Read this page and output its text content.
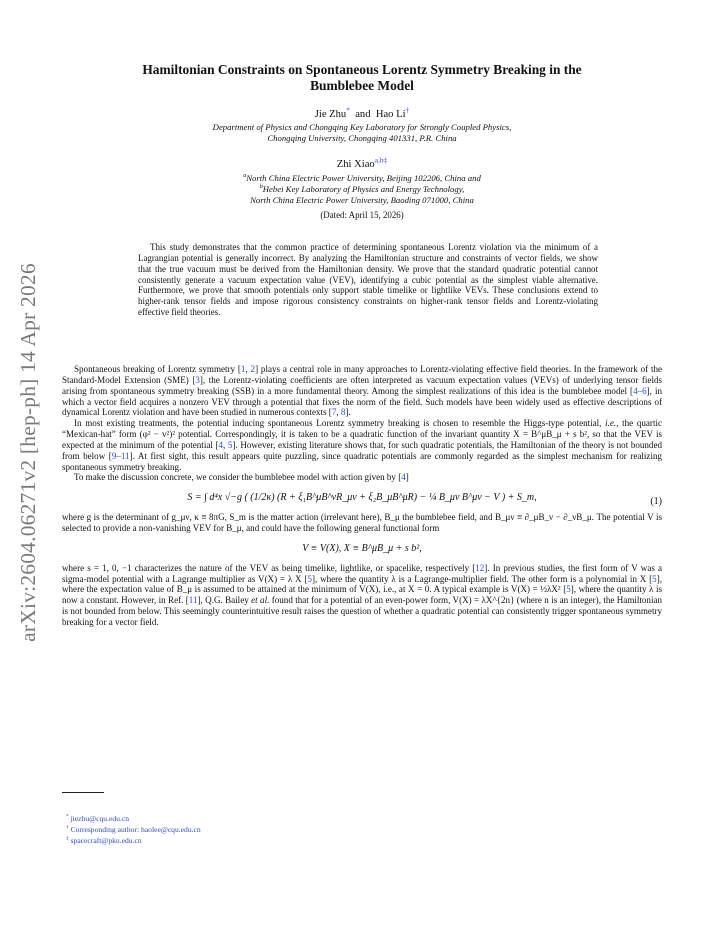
arXiv:2604.06271v2 [hep-ph] 14 Apr 2026
Hamiltonian Constraints on Spontaneous Lorentz Symmetry Breaking in the
Bumblebee Model
Jie Zhu* and Hao Li†
Department of Physics and Chongqing Key Laboratory for Strongly Coupled Physics,
Chongqing University, Chongqing 401331, P.R. China
Zhi Xiao$^{a,b\ddagger}$
$^a$North China Electric Power University, Beijing 102206, China and
$^b$Hebei Key Laboratory of Physics and Energy Technology,
North China Electric Power University, Baoding 071000, China
(Dated: April 15, 2026)

This study demonstrates that the common practice of determining spontaneous Lorentz violation via the minimum of a Lagrangian potential is generally incorrect. By analyzing the Hamiltonian structure and constraints of vector fields, we show that the true vacuum must be derived from the Hamiltonian density. We prove that the standard quadratic potential cannot consistently generate a vacuum expectation value (VEV), identifying a cubic potential as the simplest viable alternative. Furthermore, we prove that smooth potentials only support stable timelike or lightlike VEVs. These conclusions extend to higher-rank tensor fields and impose rigorous consistency constraints on higher-rank tensor fields and Lorentz-violating effective field theories.

Spontaneous breaking of Lorentz symmetry [1, 2] plays a central role in many approaches to Lorentz-violating effective field theories. In the framework of the Standard-Model Extension (SME) [3], the Lorentz-violating coefficients are often interpreted as vacuum expectation values (VEVs) of underlying tensor fields arising from spontaneous symmetry breaking (SSB) in a more fundamental theory. Among the simplest realizations of this idea is the bumblebee model [4–6], in which a vector field acquires a nonzero VEV through a potential that fixes the norm of the field. Such models have been widely used as effective descriptions of dynamical Lorentz violation and have been studied in numerous contexts [7, 8].

In most existing treatments, the potential inducing spontaneous Lorentz symmetry breaking is chosen to resemble the Higgs-type potential, i.e., the quartic “Mexican-hat” form (φ² − v²)² potential. Correspondingly, it is taken to be a quadratic function of the invariant quantity X = B^μB_μ + s b², so that the VEV is expected at the minimum of the potential [4, 5]. However, existing literature shows that, for such quadratic potentials, the Hamiltonian of the theory is not bounded from below [9–11]. At first sight, this result appears quite puzzling, since quadratic potentials are commonly regarded as the simplest mechanism for realizing spontaneous symmetry breaking.

To make the discussion concrete, we consider the bumblebee model with action given by [4]

S = ∫ d⁴x √−g ( (1/2κ) (R + ξ₁B^μB^νR_μν + ξ₂B_μB^μR) − ¼ B_μν B^μν − V ) + S_m,	(1)

where g is the determinant of g_μν, κ ≡ 8πG, S_m is the matter action (irrelevant here), B_μ the bumblebee field, and B_μν ≡ ∂_μB_ν − ∂_νB_μ. The potential V is selected to provide a non-vanishing VEV for B_μ, and could have the following general functional form

V ≡ V(X), X ≡ B^μB_μ + s b²,

where s = 1, 0, −1 characterizes the nature of the VEV as being timelike, lightlike, or spacelike, respectively [12]. In previous studies, the first form of V was a sigma-model potential with a Lagrange multiplier as V(X) = λ X [5], where the quantity λ is a Lagrange-multiplier field. The other form is a polynomial in X [5], where the expectation value of B_μ is assumed to be attained at the minimum of V(X), i.e., at X = 0. A typical example is V(X) = ½λX² [5], where the quantity λ is now a constant. However, in Ref. [11], Q.G. Bailey et al. found that for a potential of an even-power form, V(X) = λX^{2n} (where n is an integer), the Hamiltonian is not bounded from below. This seemingly counterintuitive result raises the question of whether a quadratic potential can consistently trigger spontaneous symmetry breaking for a vector field.

* jiezhu@cqu.edu.cn
† Corresponding author: haolee@cqu.edu.cn
‡ spacecraft@pku.edu.cn
